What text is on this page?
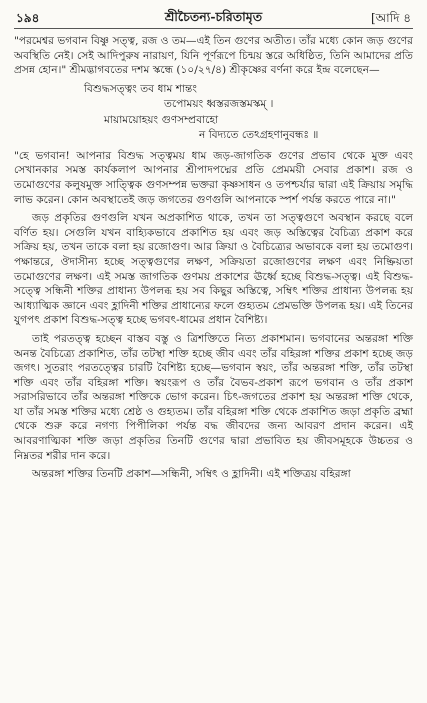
১৯৪	শ্রীচৈতন্য-চরিতামৃত	[আদি ৪

"পরমেশ্বর ভগবান বিষ্ণু সত্ত্ব, রজ ও তম—এই তিন গুণের অতীত। তাঁর মধ্যে কোন জড় গুণের অবস্থিতি নেই। সেই আদিপুরুষ নারায়ণ, যিনি পূর্ণরূপে চিন্ময় স্তরে অধিষ্ঠিত, তিনি আমাদের প্রতি প্রসন্ন হোন।" শ্রীমদ্ভাগবতের দশম স্কন্ধে (১০/২৭/৪) শ্রীকৃষ্ণের বর্ণনা করে ইন্দ্র বলেছেন—

বিশুদ্ধসত্ত্বং তব ধাম শান্তং
তপোময়ং ধ্বস্তরজস্তমস্কম্ ।
মায়াময়োহয়ং গুণসম্প্রবাহো
ন বিদ্যতে তেঽগ্রহণানুবন্ধঃ ॥

"হে ভগবান! আপনার বিশুদ্ধ সত্ত্বময় ধাম জড়-জাগতিক গুণের প্রভাব থেকে মুক্ত এবং সেখানকার সমস্ত কার্যকলাপ আপনার শ্রীপাদপদ্মের প্রতি প্রেমময়ী সেবার প্রকাশ। রজ ও তমোগুণের কলুষমুক্ত সাত্ত্বিক গুণসম্পন্ন ভক্তরা কৃষ্ণসাধন ও তপশ্চর্যার দ্বারা এই ক্রিয়ায় সমৃদ্ধি লাভ করেন। কোন অবস্থাতেই জড় জগতের গুণগুলি আপনাকে স্পর্শ পর্যন্ত করতে পারে না।"

জড় প্রকৃতির গুণগুলি যখন অপ্রকাশিত থাকে, তখন তা সত্ত্বগুণে অবস্থান করছে বলে বর্ণিত হয়। সেগুলি যখন বাহ্যিকভাবে প্রকাশিত হয় এবং জড় অস্তিত্বের বৈচিত্র্য প্রকাশ করে সক্রিয় হয়, তখন তাকে বলা হয় রজোগুণ। আর ক্রিয়া ও বৈচিত্র্যের অভাবকে বলা হয় তমোগুণ। পক্ষান্তরে, ঔদাসীন্য হচ্ছে সত্ত্বগুণের লক্ষণ, সক্রিয়তা রজোগুণের লক্ষণ এবং নিষ্ক্রিয়তা তমোগুণের লক্ষণ। এই সমস্ত জাগতিক গুণময় প্রকাশের ঊর্ধ্বে হচ্ছে বিশুদ্ধ-সত্ত্ব। এই বিশুদ্ধ-সত্ত্বে সন্ধিনী শক্তির প্রাধান্য উপলব্ধ হয় সব কিছুর অস্তিত্বে, সম্বিৎ শক্তির প্রাধান্য উপলব্ধ হয় আধ্যাত্মিক জ্ঞানে এবং হ্লাদিনী শক্তির প্রাধান্যের ফলে গুহ্যতম প্রেমভক্তি উপলব্ধ হয়। এই তিনের যুগপৎ প্রকাশ বিশুদ্ধ-সত্ত্ব হচ্ছে ভগবৎ-ধামের প্রধান বৈশিষ্ট্য।

তাই পরতত্ত্ব হচ্ছেন বাস্তব বস্তু ও ত্রিশক্তিতে নিত্য প্রকাশমান। ভগবানের অন্তরঙ্গা শক্তি অনন্ত বৈচিত্র্যে প্রকাশিত, তাঁর তটস্থা শক্তি হচ্ছে জীব এবং তাঁর বহিরঙ্গা শক্তির প্রকাশ হচ্ছে জড় জগৎ। সুতরাং পরতত্ত্বের চারটি বৈশিষ্ট্য হচ্ছে—ভগবান স্বয়ং, তাঁর অন্তরঙ্গা শক্তি, তাঁর তটস্থা শক্তি এবং তাঁর বহিরঙ্গা শক্তি। স্বয়ংরূপ ও তাঁর বৈভব-প্রকাশ রূপে ভগবান ও তাঁর প্রকাশ সরাসরিভাবে তাঁর অন্তরঙ্গা শক্তিকে ভোগ করেন। চিৎ-জগতের প্রকাশ হয় অন্তরঙ্গা শক্তি থেকে, যা তাঁর সমস্ত শক্তির মধ্যে শ্রেষ্ঠ ও গুহ্যতম। তাঁর বহিরঙ্গা শক্তি থেকে প্রকাশিত জড়া প্রকৃতি ব্রহ্মা থেকে শুরু করে নগণ্য পিপীলিকা পর্যন্ত বদ্ধ জীবদের জন্য আবরণ প্রদান করেন। এই আবরণাত্মিকা শক্তি জড়া প্রকৃতির তিনটি গুণের দ্বারা প্রভাবিত হয় জীবসমূহকে উচ্চতর ও নিম্নতর শরীর দান করে।

অন্তরঙ্গা শক্তির তিনটি প্রকাশ—সন্ধিনী, সম্বিৎ ও হ্লাদিনী। এই শক্তিত্রয় বহিরঙ্গা
